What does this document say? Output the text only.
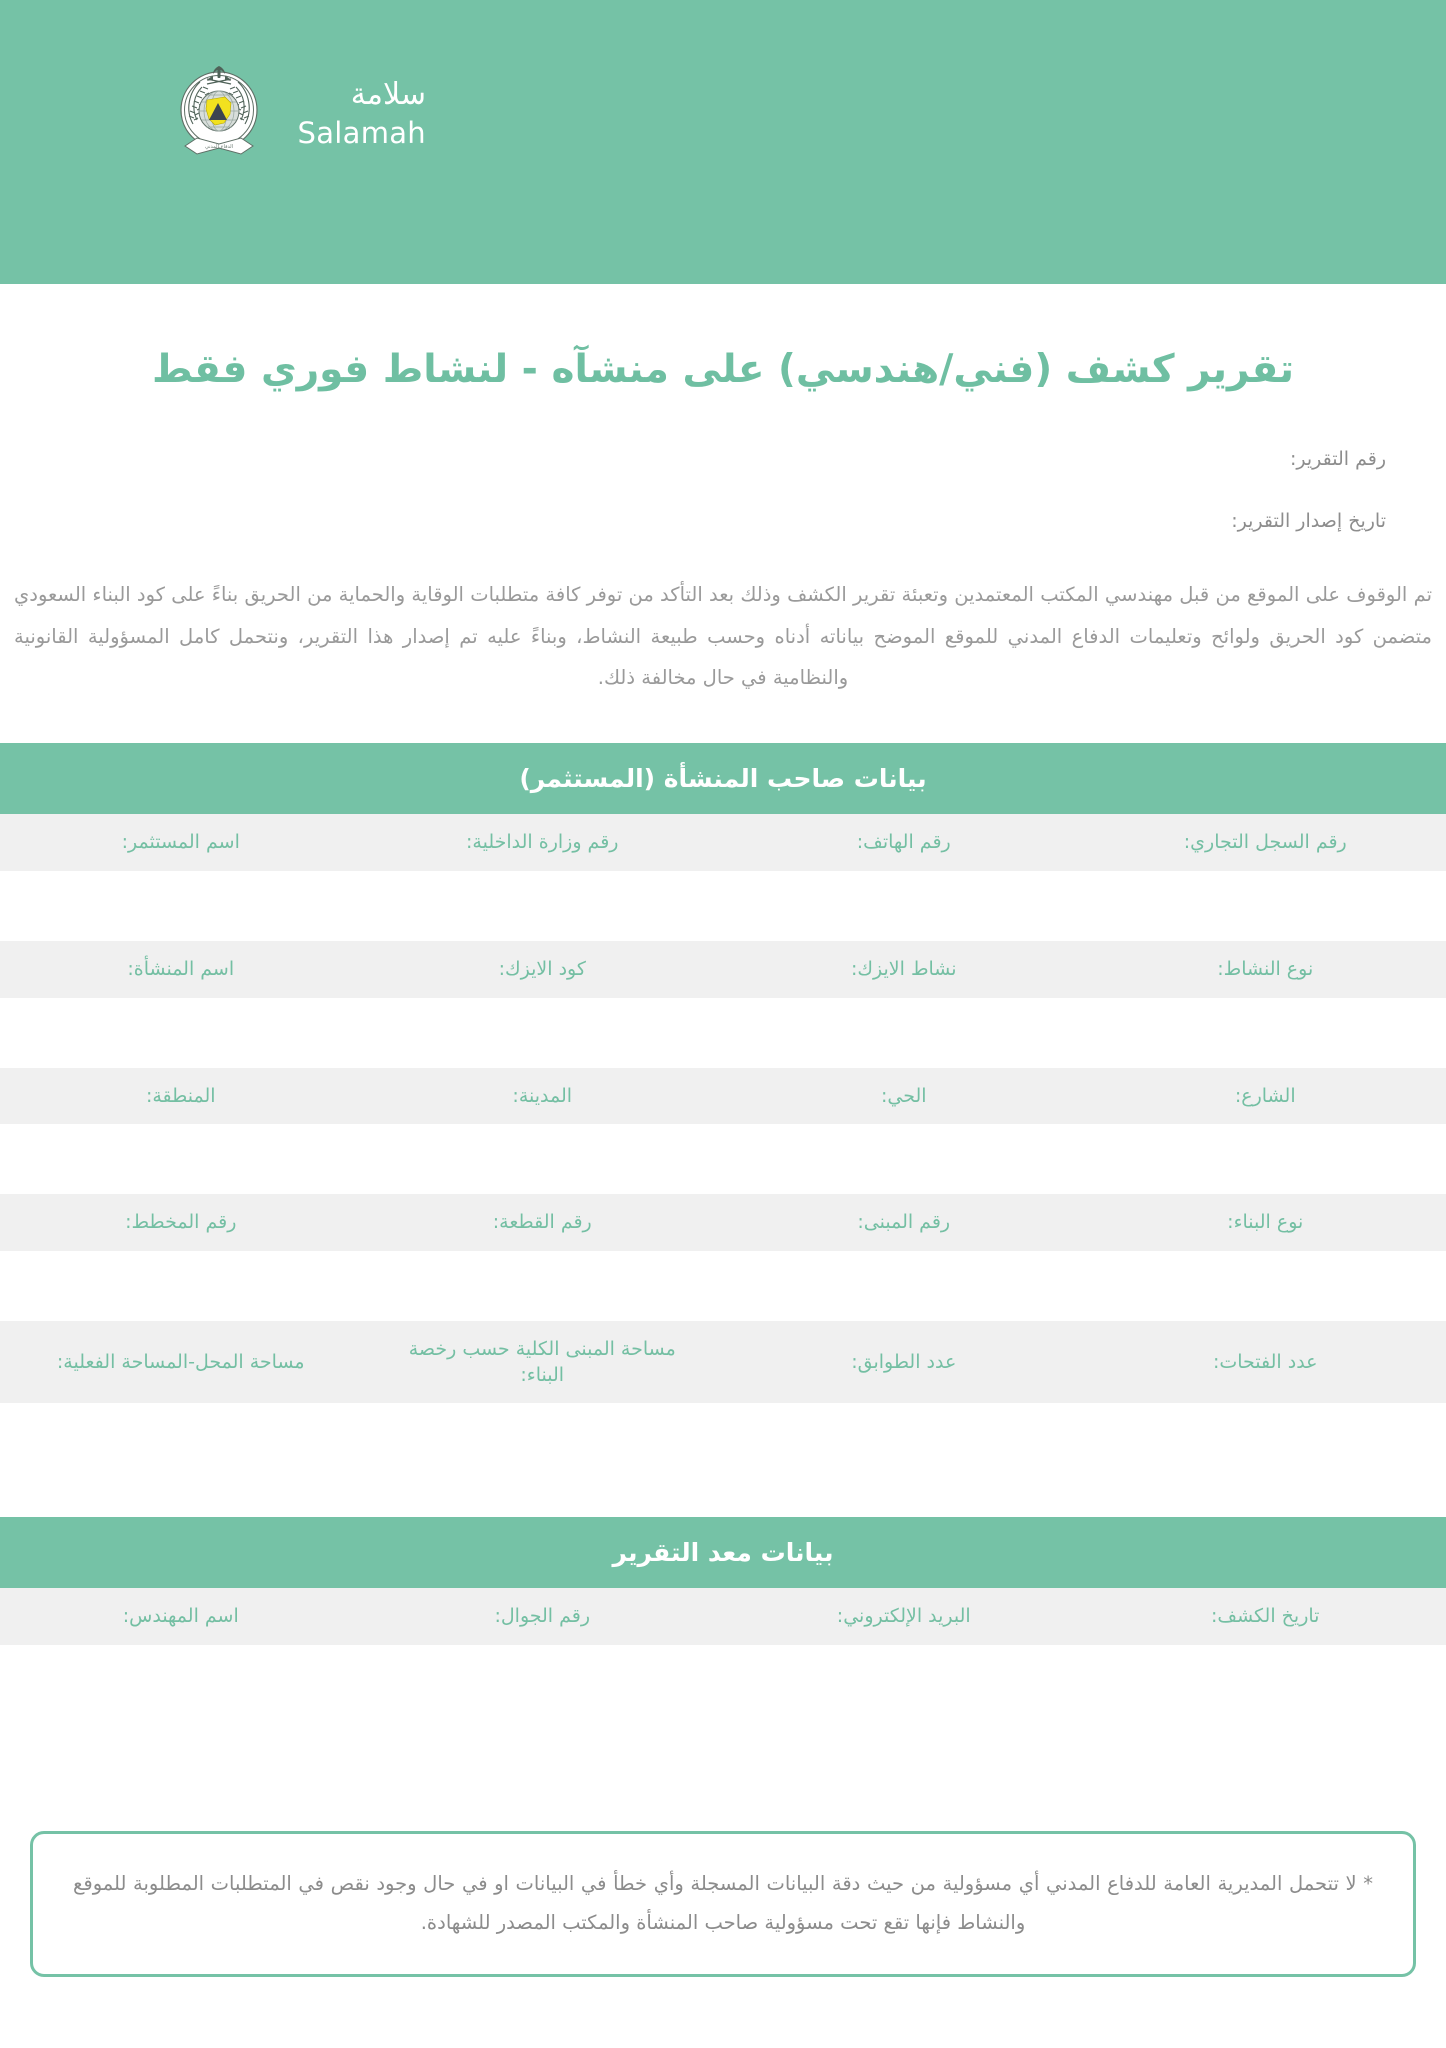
سلامة
Salamah
الدفاع المدني
تقرير كشف (فني/هندسي) على منشآه - لنشاط فوري فقط
رقم التقرير:
تاريخ إصدار التقرير:

تم الوقوف على الموقع من قبل مهندسي المكتب المعتمدين وتعبئة تقرير الكشف وذلك بعد التأكد من توفر كافة متطلبات الوقاية والحماية من الحريق بناءً على كود البناء السعودي متضمن كود الحريق ولوائح وتعليمات الدفاع المدني للموقع الموضح بياناته أدناه وحسب طبيعة النشاط، وبناءً عليه تم إصدار هذا التقرير، ونتحمل كامل المسؤولية القانونية والنظامية في حال مخالفة ذلك.

بيانات صاحب المنشأة (المستثمر)
رقم السجل التجاري:	رقم الهاتف:	رقم وزارة الداخلية:	اسم المستثمر:

نوع النشاط:	نشاط الايزك:	كود الايزك:	اسم المنشأة:

الشارع:	الحي:	المدينة:	المنطقة:

نوع البناء:	رقم المبنى:	رقم القطعة:	رقم المخطط:

عدد الفتحات:	عدد الطوابق:	مساحة المبنى الكلية حسب رخصة البناء:	مساحة المحل-المساحة الفعلية:

بيانات معد التقرير
تاريخ الكشف:	البريد الإلكتروني:	رقم الجوال:	اسم المهندس:

* لا تتحمل المديرية العامة للدفاع المدني أي مسؤولية من حيث دقة البيانات المسجلة وأي خطأ في البيانات او في حال وجود نقص في المتطلبات المطلوبة للموقع والنشاط فإنها تقع تحت مسؤولية صاحب المنشأة والمكتب المصدر للشهادة.
